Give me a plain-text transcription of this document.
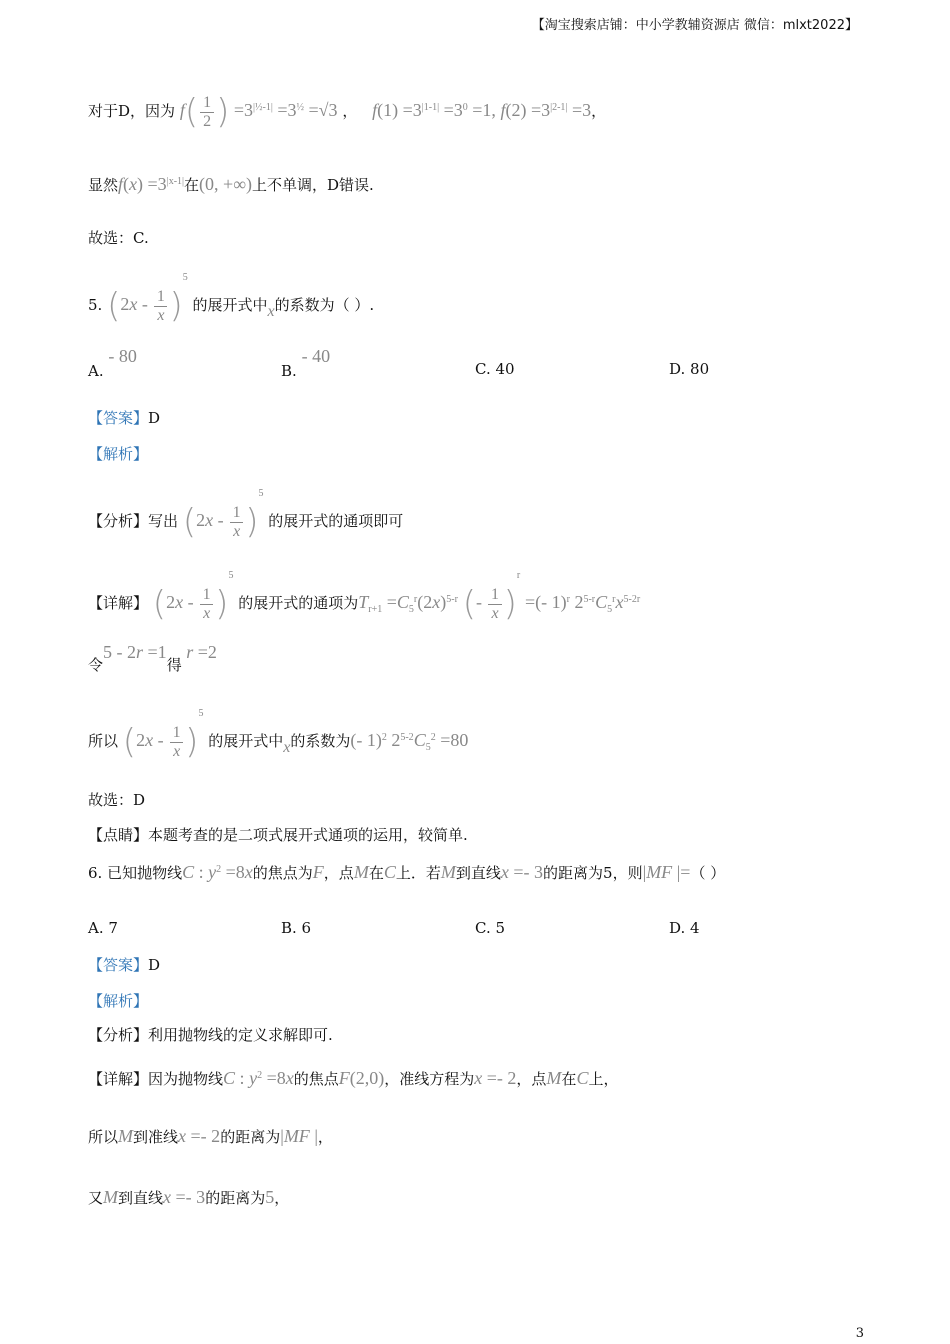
【淘宝搜索店铺：中小学教辅资源店 微信：mlxt2022】
对于D，因为 $f( \frac{1}{2}$ ) $=3^{|\frac{1}{2}-1|} =3^{\frac{1}{2}} =√3$ ， $f(1) =3^{|1-1|} =3^0 =1$, $f(2) =3^{|2-1|} =3$，
显然$f(x) =3^{|x-1|}$在(0, +∞)上不单调，D错误.
故选：C.
5. $(2x - \frac{1}{x} )^5$ 的展开式中x的系数为（ ）.
A. - 80
B. - 40
C. 40	D. 80
【答案】D
【解析】
【分析】写出 $(2x - \frac{1}{x} )^5$ 的展开式的通项即可
【详解】 $(2x - \frac{1}{x} )^5$ 的展开式的通项为$T_{r+1} =C_5^r(2x)^{5-r}$ (- $\frac{1}{x} )^r$ =(- 1)$^r$ $2^{5-r}C_5^rx^{5-2r}$
令5 - 2r =1得 r =2
所以 $(2x - \frac{1}{x} )^5$ 的展开式中x的系数为(- 1)$^2$ $2^{5-2}C_5^2 =80$
故选：D
【点睛】本题考查的是二项式展开式通项的运用，较简单.
6. 已知抛物线C : $y^2 =8x$的焦点为F，点M在C上．若M到直线x =- 3的距离为5，则|MF |=（ ）
A. 7	B. 6	C. 5	D. 4
【答案】D
【解析】
【分析】利用抛物线的定义求解即可.
【详解】因为抛物线C : $y^2 =8x$的焦点F(2,0)，准线方程为x =- 2，点M在C上，
所以M到准线x =- 2的距离为|MF |，
又M到直线x =- 3的距离为5，
3
